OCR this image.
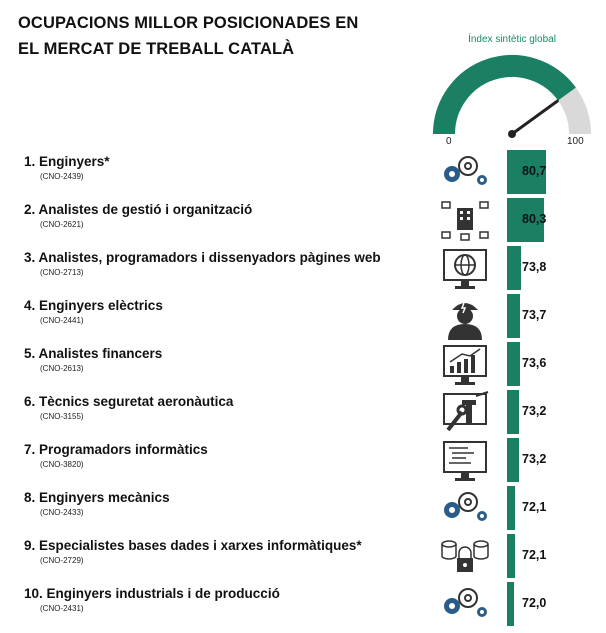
OCUPACIONS MILLOR POSICIONADES EN
EL MERCAT DE TREBALL CATALÀ
Índex sintètic global
0	100
1. Enginyers*
(CNO-2439)	80,7
2. Analistes de gestió i organització
(CNO-2621)	80,3
3. Analistes, programadors i dissenyadors pàgines web
(CNO-2713)	73,8
4. Enginyers elèctrics
(CNO-2441)	73,7
5. Analistes financers
(CNO-2613)	73,6
6. Tècnics seguretat aeronàutica
(CNO-3155)	73,2
7. Programadors informàtics
(CNO-3820)	73,2
8. Enginyers mecànics
(CNO-2433)	72,1
9. Especialistes bases dades i xarxes informàtiques*
(CNO-2729)	72,1
10. Enginyers industrials i de producció
(CNO-2431)	72,0
